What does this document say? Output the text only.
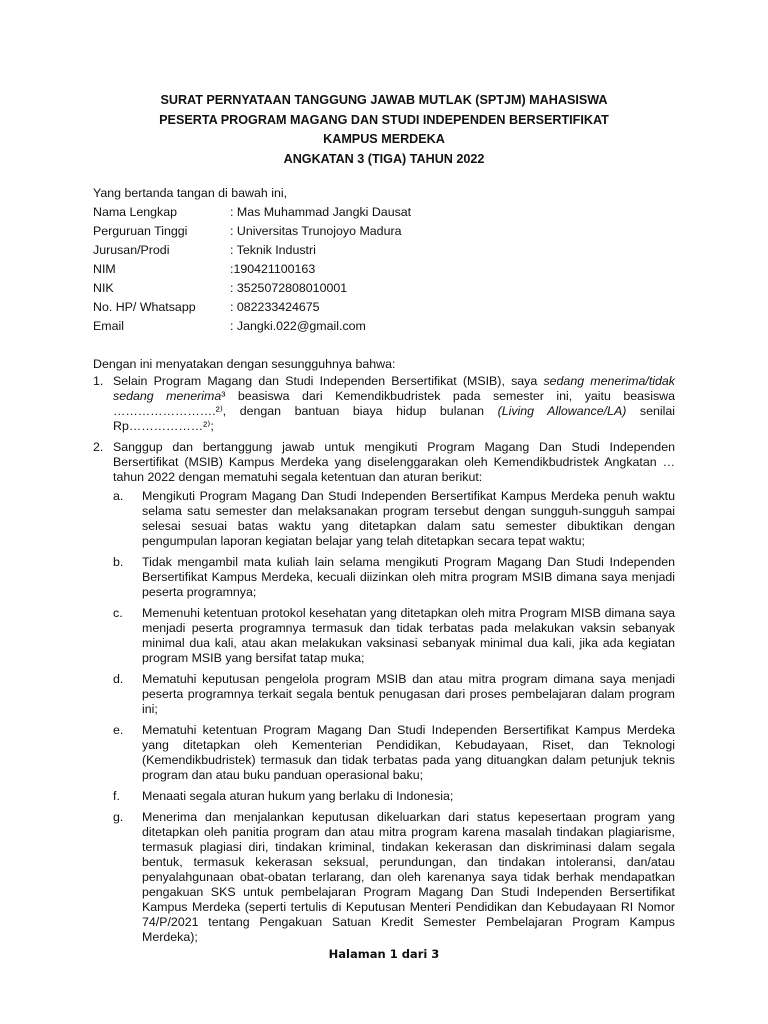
SURAT PERNYATAAN TANGGUNG JAWAB MUTLAK (SPTJM) MAHASISWA
PESERTA PROGRAM MAGANG DAN STUDI INDEPENDEN BERSERTIFIKAT
KAMPUS MERDEKA
ANGKATAN 3 (TIGA) TAHUN 2022
Yang bertanda tangan di bawah ini,
Nama Lengkap	: Mas Muhammad Jangki Dausat
Perguruan Tinggi	: Universitas Trunojoyo Madura
Jurusan/Prodi	: Teknik Industri
NIM	:190421100163
NIK	: 3525072808010001
No. HP/ Whatsapp	: 082233424675
Email	: Jangki.022@gmail.com
Dengan ini menyatakan dengan sesungguhnya bahwa:
1. Selain Program Magang dan Studi Independen Bersertifikat (MSIB), saya sedang menerima/tidak sedang menerima³ beasiswa dari Kemendikbudristek pada semester ini, yaitu beasiswa …………………….²⁾, dengan bantuan biaya hidup bulanan (Living Allowance/LA) senilai Rp………………²⁾;
2. Sanggup dan bertanggung jawab untuk mengikuti Program Magang Dan Studi Independen Bersertifikat (MSIB) Kampus Merdeka yang diselenggarakan oleh Kemendikbudristek Angkatan … tahun 2022 dengan mematuhi segala ketentuan dan aturan berikut:
a. Mengikuti Program Magang Dan Studi Independen Bersertifikat Kampus Merdeka penuh waktu selama satu semester dan melaksanakan program tersebut dengan sungguh-sungguh sampai selesai sesuai batas waktu yang ditetapkan dalam satu semester dibuktikan dengan pengumpulan laporan kegiatan belajar yang telah ditetapkan secara tepat waktu;
b. Tidak mengambil mata kuliah lain selama mengikuti Program Magang Dan Studi Independen Bersertifikat Kampus Merdeka, kecuali diizinkan oleh mitra program MSIB dimana saya menjadi peserta programnya;
c. Memenuhi ketentuan protokol kesehatan yang ditetapkan oleh mitra Program MISB dimana saya menjadi peserta programnya termasuk dan tidak terbatas pada melakukan vaksin sebanyak minimal dua kali, atau akan melakukan vaksinasi sebanyak minimal dua kali, jika ada kegiatan program MSIB yang bersifat tatap muka;
d. Mematuhi keputusan pengelola program MSIB dan atau mitra program dimana saya menjadi peserta programnya terkait segala bentuk penugasan dari proses pembelajaran dalam program ini;
e. Mematuhi ketentuan Program Magang Dan Studi Independen Bersertifikat Kampus Merdeka yang ditetapkan oleh Kementerian Pendidikan, Kebudayaan, Riset, dan Teknologi (Kemendikbudristek) termasuk dan tidak terbatas pada yang dituangkan dalam petunjuk teknis program dan atau buku panduan operasional baku;
f. Menaati segala aturan hukum yang berlaku di Indonesia;
g. Menerima dan menjalankan keputusan dikeluarkan dari status kepesertaan program yang ditetapkan oleh panitia program dan atau mitra program karena masalah tindakan plagiarisme, termasuk plagiasi diri, tindakan kriminal, tindakan kekerasan dan diskriminasi dalam segala bentuk, termasuk kekerasan seksual, perundungan, dan tindakan intoleransi, dan/atau penyalahgunaan obat-obatan terlarang, dan oleh karenanya saya tidak berhak mendapatkan pengakuan SKS untuk pembelajaran Program Magang Dan Studi Independen Bersertifikat Kampus Merdeka (seperti tertulis di Keputusan Menteri Pendidikan dan Kebudayaan RI Nomor 74/P/2021 tentang Pengakuan Satuan Kredit Semester Pembelajaran Program Kampus Merdeka);
Halaman 1 dari 3
